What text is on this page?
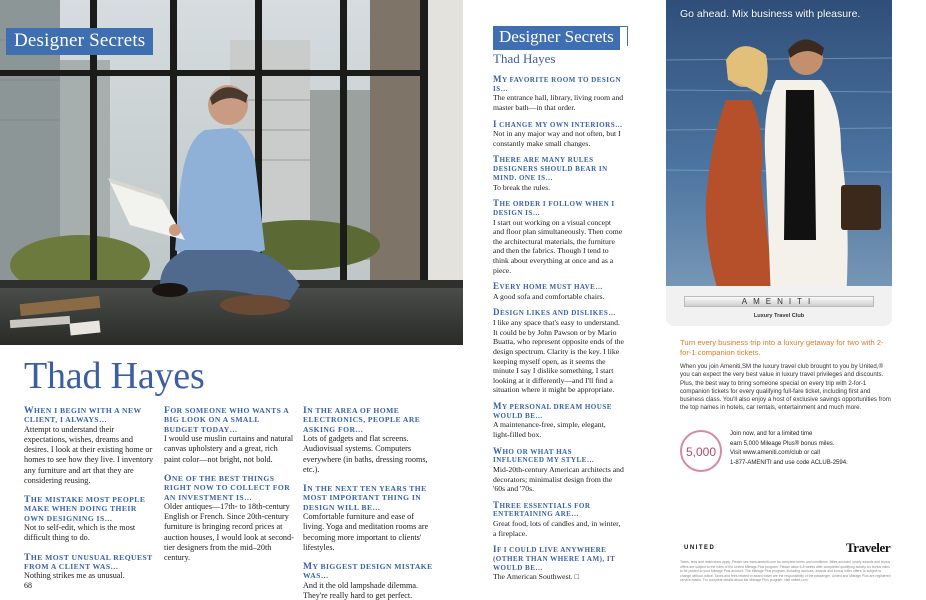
Designer Secrets
Thad Hayes
WHEN I BEGIN WITH A NEW CLIENT, I ALWAYS…
Attempt to understand their expectations, wishes, dreams and desires. I look at their existing home or homes to see how they live. I inventory any furniture and art that they are considering reusing.
THE MISTAKE MOST PEOPLE MAKE WHEN DOING THEIR OWN DESIGNING IS…
Not to self-edit, which is the most difficult thing to do.
THE MOST UNUSUAL REQUEST FROM A CLIENT WAS…
Nothing strikes me as unusual.
FOR SOMEONE WHO WANTS A BIG LOOK ON A SMALL BUDGET TODAY…
I would use muslin curtains and natural canvas upholstery and a great, rich paint color—not bright, not bold.
ONE OF THE BEST THINGS RIGHT NOW TO COLLECT FOR AN INVESTMENT IS…
Older antiques—17th- to 18th-century English or French. Since 20th-century furniture is bringing record prices at auction houses, I would look at second-tier designers from the mid–20th century.
IN THE AREA OF HOME ELECTRONICS, PEOPLE ARE ASKING FOR…
Lots of gadgets and flat screens. Audiovisual systems. Computers everywhere (in baths, dressing rooms, etc.).
IN THE NEXT TEN YEARS THE MOST IMPORTANT THING IN DESIGN WILL BE…
Comfortable furniture and ease of living. Yoga and meditation rooms are becoming more important to clients' lifestyles.
MY BIGGEST DESIGN MISTAKE WAS…
And it the old lampshade dilemma. They're really hard to get perfect.
68
Designer Secrets
Thad Hayes
MY FAVORITE ROOM TO DESIGN IS…
The entrance hall, library, living room and master bath—in that order.
I CHANGE MY OWN INTERIORS…
Not in any major way and not often, but I constantly make small changes.
THERE ARE MANY RULES DESIGNERS SHOULD BEAR IN MIND. ONE IS…
To break the rules.
THE ORDER I FOLLOW WHEN I DESIGN IS…
I start out working on a visual concept and floor plan simultaneously. Then come the architectural materials, the furniture and then the fabrics. Though I tend to think about everything at once and as a piece.
EVERY HOME MUST HAVE…
A good sofa and comfortable chairs.
DESIGN LIKES AND DISLIKES…
I like any space that's easy to understand. It could be by John Pawson or by Mario Buatta, who represent opposite ends of the design spectrum. Clarity is the key. I like keeping myself open, as it seems the minute I say I dislike something, I start looking at it differently—and I'll find a situation where it might be appropriate.
MY PERSONAL DREAM HOUSE WOULD BE…
A maintenance-free, simple, elegant, light-filled box.
WHO OR WHAT HAS INFLUENCED MY STYLE…
Mid-20th-century American architects and decorators; minimalist design from the '60s and '70s.
THREE ESSENTIALS FOR ENTERTAINING ARE…
Great food, lots of candles and, in winter, a fireplace.
IF I COULD LIVE ANYWHERE (OTHER THAN WHERE I AM), IT WOULD BE…
The American Southwest. □
Go ahead. Mix business with pleasure.
AMENITI
Luxury Travel Club
Turn every business trip into a luxury getaway for two with 2-for-1 companion tickets.
When you join Ameniti,SM the luxury travel club brought to you by United,® you can expect the very best value in luxury travel privileges and discounts. Plus, the best way to bring someone special on every trip with 2-for-1 companion tickets for every qualifying full-fare ticket, including first and business class. You'll also enjoy a host of exclusive savings opportunities from the top names in hotels, car rentals, entertainment and much more.
5,000
Join now, and for a limited time
earn 5,000 Mileage Plus® bonus miles.
Visit www.ameniti.com/club or call
1-877-AMENITI and use code ACLUB-2594.
UNITED	Traveler
Taxes, fees and restrictions apply. Please see www.ameniti.com for complete terms and conditions. Miles accrued, yearly awards and bonus offers are subject to the rules of the United Mileage Plus program. Please allow 6-8 weeks after completed qualifying activity for bonus miles to be posted to your Mileage Plus account. The Mileage Plus program, including accruals, awards and bonus miles offers, is subject to change without notice. Taxes and fees related to award travel are the responsibility of the passenger. United and Mileage Plus are registered service marks. For complete details about the Mileage Plus program, visit united.com.
